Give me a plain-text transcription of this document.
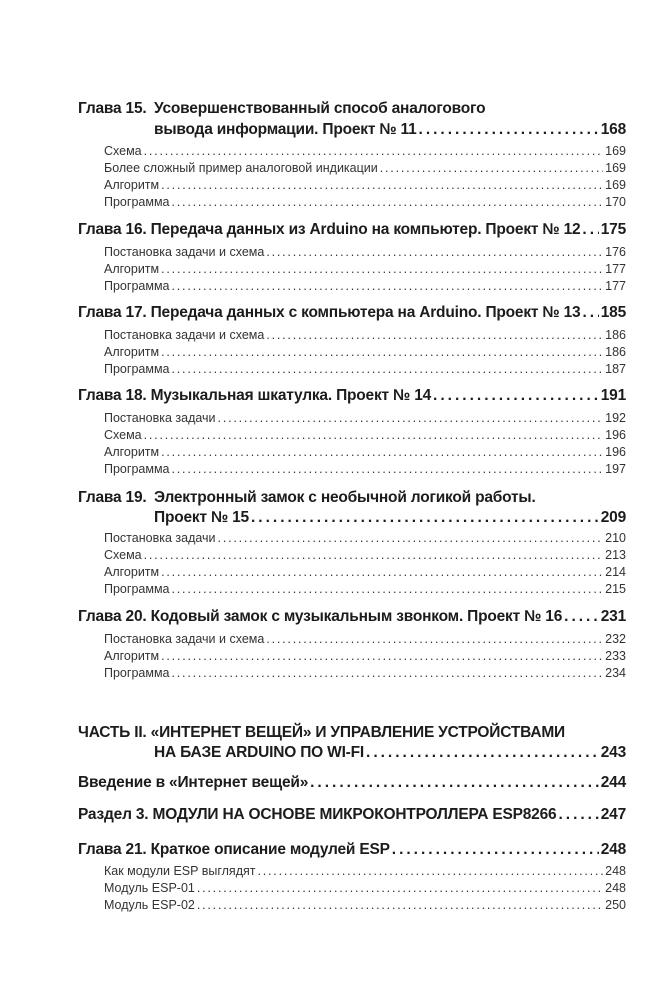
Глава 15. Усовершенствованный способ аналогового
вывода информации. Проект № 11 .....	168
Схема .....	169
Более сложный пример аналоговой индикации .....	169
Алгоритм .....	169
Программа .....	170
Глава 16. Передача данных из Arduino на компьютер. Проект № 12 ..... 175
Постановка задачи и схема .....	176
Алгоритм .....	177
Программа .....	177
Глава 17. Передача данных с компьютера на Arduino. Проект № 13 ..... 185
Постановка задачи и схема .....	186
Алгоритм .....	186
Программа .....	187
Глава 18. Музыкальная шкатулка. Проект № 14 .....	191
Постановка задачи .....	192
Схема .....	196
Алгоритм .....	196
Программа .....	197
Глава 19. Электронный замок с необычной логикой работы.
Проект № 15 .....	209
Постановка задачи .....	210
Схема .....	213
Алгоритм .....	214
Программа .....	215
Глава 20. Кодовый замок с музыкальным звонком. Проект № 16 ..... 231
Постановка задачи и схема .....	232
Алгоритм .....	233
Программа .....	234
ЧАСТЬ II. «ИНТЕРНЕТ ВЕЩЕЙ» И УПРАВЛЕНИЕ УСТРОЙСТВАМИ
НА БАЗЕ ARDUINO ПО WI-FI .....	243
Введение в «Интернет вещей» .....	244
Раздел 3. МОДУЛИ НА ОСНОВЕ МИКРОКОНТРОЛЛЕРА ESP8266 .....	247
Глава 21. Краткое описание модулей ESP .....	248
Как модули ESP выглядят .....	248
Модуль ESP-01 .....	248
Модуль ESP-02 .....	250
